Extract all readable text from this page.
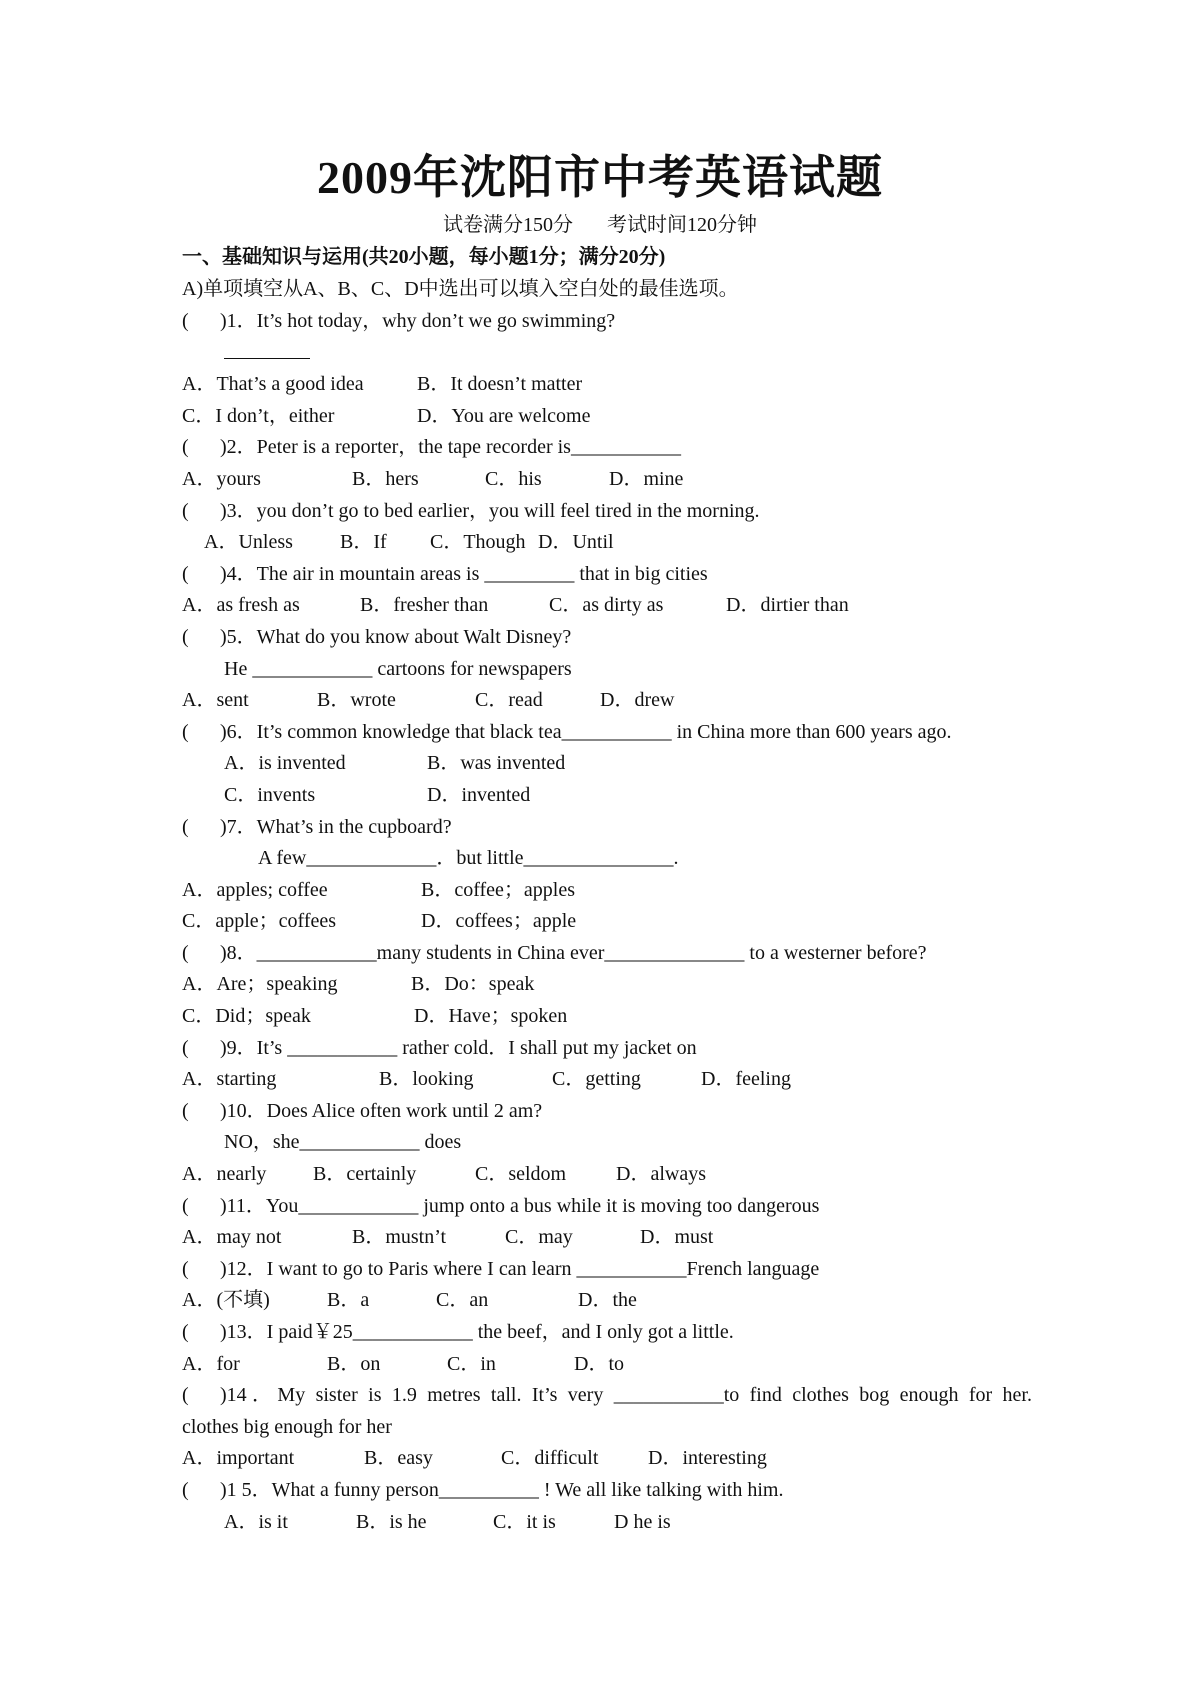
2009年沈阳市中考英语试题
试卷满分150分 考试时间120分钟
一、基础知识与运用(共20小题，每小题1分；满分20分)
A)单项填空从A、B、C、D中选出可以填入空白处的最佳选项。
( )1．It’s hot today，why don’t we go swimming?
A．That’s a good idea	B．It doesn’t matter
C．I don’t，either	D．You are welcome
( )2．Peter is a reporter，the tape recorder is___________
A．yours	B．hers	C．his	D．mine
( )3．you don’t go to bed earlier，you will feel tired in the morning.
A．Unless B．If C．Though D．Until
( )4．The air in mountain areas is _________ that in big cities
A．as fresh as	B．fresher than	C．as dirty as	D．dirtier than
( )5．What do you know about Walt Disney?
He ____________ cartoons for newspapers
A．sent	B．wrote	C．read	D．drew
( )6．It’s common knowledge that black tea___________ in China more than 600 years ago.
A．is invented	B．was invented
C．invents	D．invented
( )7．What’s in the cupboard?
A few_____________．but little_______________.
A．apples; coffee	B．coffee；apples
C．apple；coffees	D．coffees；apple
( )8．____________many students in China ever______________ to a westerner before?
A．Are；speaking	B．Do：speak
C．Did；speak	D．Have；spoken
( )9．It’s ___________ rather cold．I shall put my jacket on
A．starting	B．looking	C．getting	D．feeling
( )10．Does Alice often work until 2 am?
NO，she____________ does
A．nearly B．certainly	C．seldom D．always
( )11．You____________ jump onto a bus while it is moving too dangerous
A．may not	B．mustn’t	C．may	D．must
( )12．I want to go to Paris where I can learn ___________French language
A．(不填)	B．a	C．an	D．the
( )13．I paid￥25____________ the beef，and I only got a little.
A．for	B．on	C．in	D．to
( )14．My sister is 1.9 metres tall. It’s very ___________to find clothes bog enough for her.
clothes big enough for her
A．important	B．easy	C．difficult D．interesting
( )1 5．What a funny person__________ ! We all like talking with him.
A．is it	B．is he	C．it is	D he is
